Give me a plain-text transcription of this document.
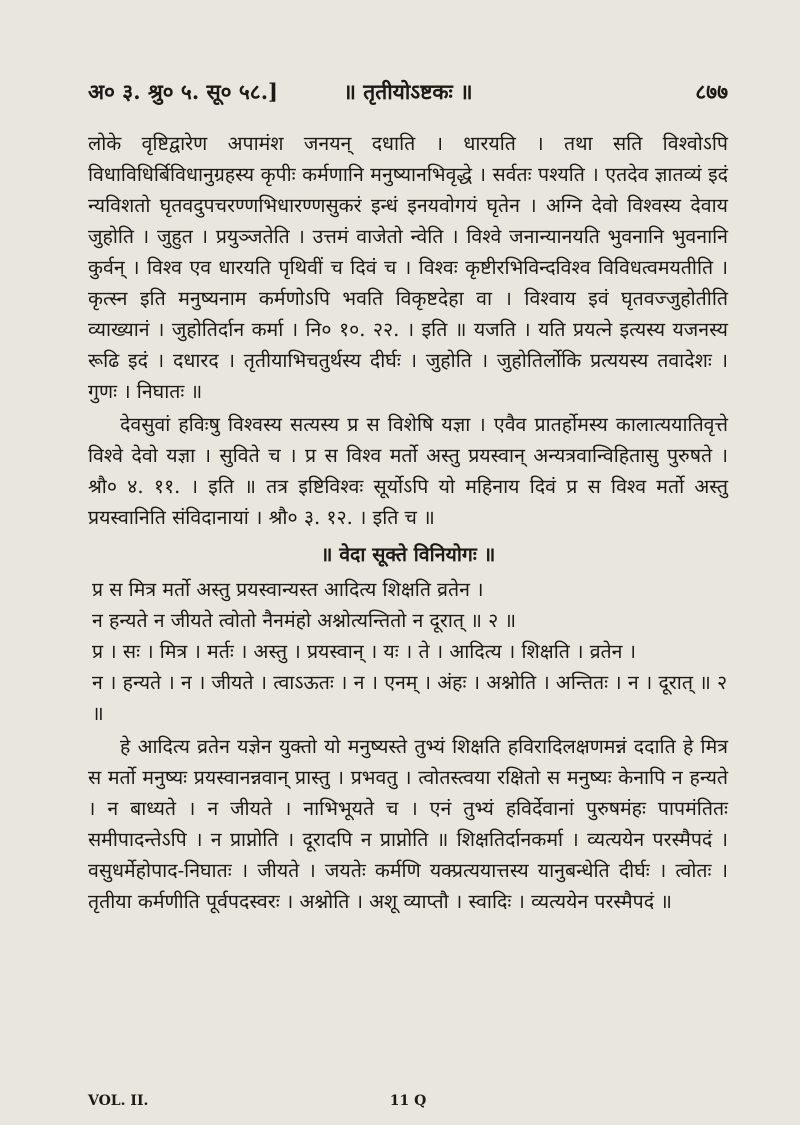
अ० ३. श्रु० ५. सू० ५८.]	॥ तृतीयोऽष्टकः ॥	८७७

लोके वृष्टिद्वारेण अपामंश जनयन् दधाति । धारयति । तथा सति विश्वोऽपि विधाविधिर्बिविधानुग्रहस्य कृपीः कर्मणानि मनुष्यानभिवृद्धे । सर्वतः पश्यति । एतदेव ज्ञातव्यं इदं न्यविशतो घृतवदुपचरण्णभिधारण्णसुकरं इन्धं इनयवोगयं घृतेन । अग्नि देवो विश्वस्य देवाय जुहोति । जुहुत । प्रयुञ्जतेति । उत्तमं वाजेतो न्वेति । विश्वे जनान्यानयति भुवनानि भुवनानि कुर्वन् । विश्व एव धारयति पृथिवीं च दिवं च । विश्वः कृष्टीरभिविन्दविश्व विविधत्वमयतीति । कृत्स्न इति मनुष्यनाम कर्मणोऽपि भवति विकृष्टदेहा वा । विश्वाय इवं घृतवज्जुहोतीति व्याख्यानं । जुहोतिर्दान कर्मा । नि० १०. २२. । इति ॥ यजति । यति प्रयत्ने इत्यस्य यजनस्य रूढि इदं । दधारद । तृतीयाभिचतुर्थस्य दीर्घः । जुहोति । जुहोतिर्लोकि प्रत्ययस्य तवादेशः । गुणः । निघातः ॥

देवसुवां हविःषु विश्वस्य सत्यस्य प्र स विशेषि यज्ञा । एवैव प्रातर्होमस्य कालात्ययातिवृत्ते विश्वे देवो यज्ञा । सुविते च । प्र स विश्व मर्तो अस्तु प्रयस्वान् अन्यत्रवान्विहितासु पुरुषते । श्रौ० ४. ११. । इति ॥ तत्र इष्टिविश्वः सूर्योऽपि यो महिनाय दिवं प्र स विश्व मर्तो अस्तु प्रयस्वानिति संविदानायां । श्रौ० ३. १२. । इति च ॥

॥ वेदा सूक्ते विनियोगः ॥

प्र स मित्र मर्तो अस्तु प्रयस्वान्यस्त आदित्य शिक्षति व्रतेन ।

न हन्यते न जीयते त्वोतो नैनमंहो अश्नोत्यन्तितो न दूरात् ॥ २ ॥

प्र । सः । मित्र । मर्तः । अस्तु । प्रयस्वान् । यः । ते । आदित्य । शिक्षति । व्रतेन ।

न । हन्यते । न । जीयते । त्वाऽऊतः । न । एनम् । अंहः । अश्नोति । अन्तितः । न । दूरात् ॥ २ ॥

हे आदित्य व्रतेन यज्ञेन युक्तो यो मनुष्यस्ते तुभ्यं शिक्षति हविरादिलक्षणमन्नं ददाति हे मित्र स मर्तो मनुष्यः प्रयस्वानन्नवान् प्रास्तु । प्रभवतु । त्वोतस्त्वया रक्षितो स मनुष्यः केनापि न हन्यते । न बाध्यते । न जीयते । नाभिभूयते च । एनं तुभ्यं हविर्देवानां पुरुषमंहः पापमंतितः समीपादन्तेऽपि । न प्राप्नोति । दूरादपि न प्राप्नोति ॥ शिक्षतिर्दानकर्मा । व्यत्ययेन परस्मैपदं । वसुधर्मेहोपाद-निघातः । जीयते । जयतेः कर्मणि यक्प्रत्ययात्तस्य यानुबन्धेति दीर्घः । त्वोतः । तृतीया कर्मणीति पूर्वपदस्वरः । अश्नोति । अशू व्याप्तौ । स्वादिः । व्यत्ययेन परस्मैपदं ॥

VOL. II.	11 Q
